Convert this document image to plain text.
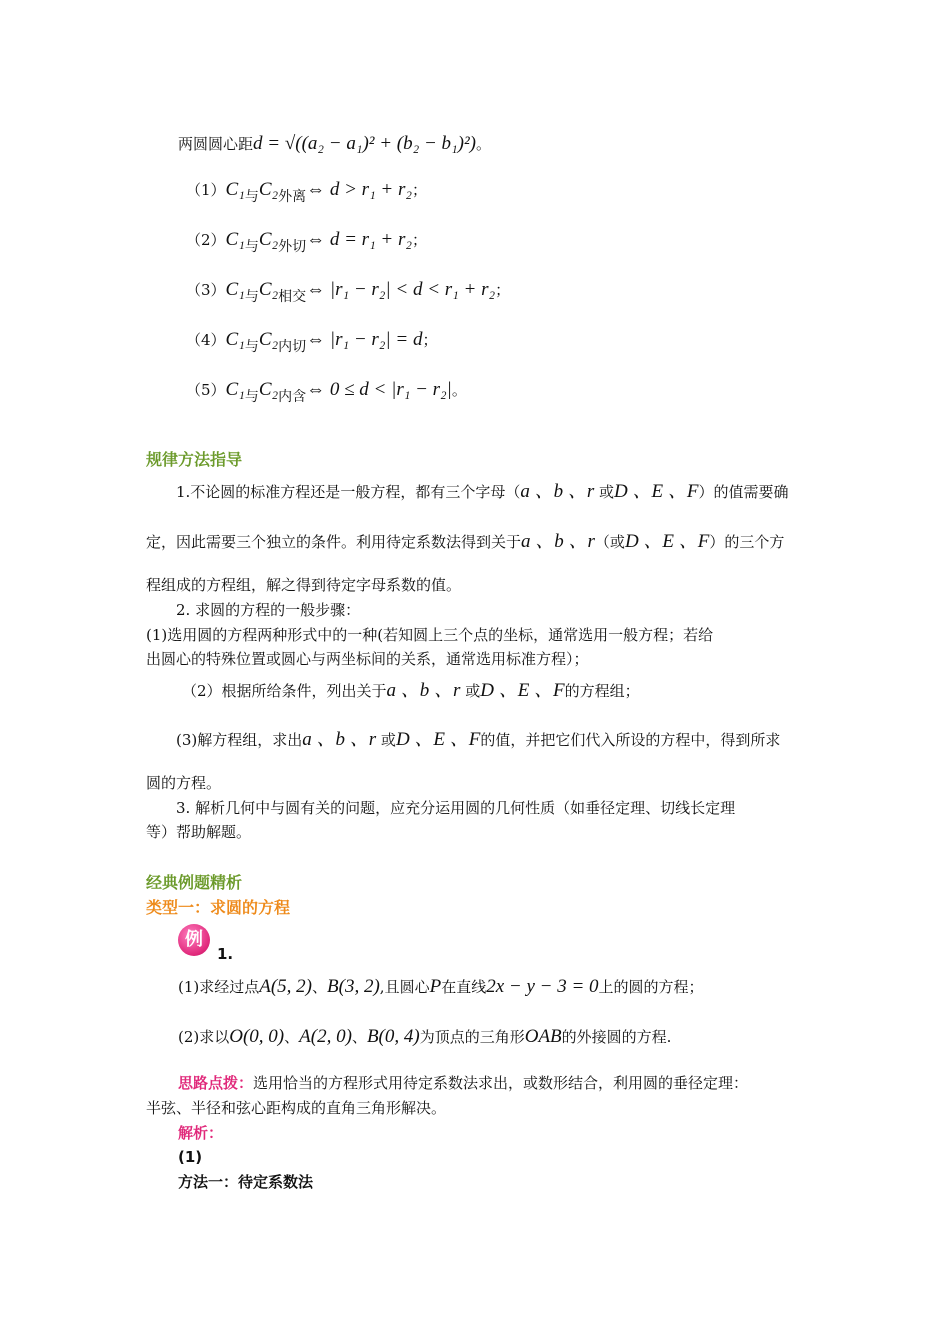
两圆圆心距d = √((a₂ − a₁)² + (b₂ − b₁)²)。
（1）C₁与C₂外离⇔ d > r₁ + r₂；
（2）C₁与C₂外切⇔ d = r₁ + r₂；
（3）C₁与C₂相交⇔ |r₁ − r₂| < d < r₁ + r₂；
（4）C₁与C₂内切⇔ |r₁ − r₂| = d；
（5）C₁与C₂内含⇔ 0 ≤ d < |r₁ − r₂|。
规律方法指导
1.不论圆的标准方程还是一般方程，都有三个字母（a 、b 、r 或D 、E 、F）的值需要确
定，因此需要三个独立的条件。利用待定系数法得到关于a 、b 、r（或D 、E 、F）的三个方
程组成的方程组，解之得到待定字母系数的值。
2. 求圆的方程的一般步骤：
(1)选用圆的方程两种形式中的一种(若知圆上三个点的坐标，通常选用一般方程；若给
出圆心的特殊位置或圆心与两坐标间的关系，通常选用标准方程）；
（2）根据所给条件，列出关于a 、b 、r 或D 、E 、F的方程组；
(3)解方程组，求出a 、b 、r 或D 、E 、F的值，并把它们代入所设的方程中，得到所求
圆的方程。
3. 解析几何中与圆有关的问题，应充分运用圆的几何性质（如垂径定理、切线长定理
等）帮助解题。
经典例题精析
类型一：求圆的方程
例
1.
(1)求经过点A(5, 2)、B(3, 2),且圆心P在直线2x − y − 3 = 0上的圆的方程；
(2)求以O(0, 0)、A(2, 0)、B(0, 4)为顶点的三角形OAB的外接圆的方程.
思路点拨：选用恰当的方程形式用待定系数法求出，或数形结合，利用圆的垂径定理：
半弦、半径和弦心距构成的直角三角形解决。
解析：
(1)
方法一：待定系数法
